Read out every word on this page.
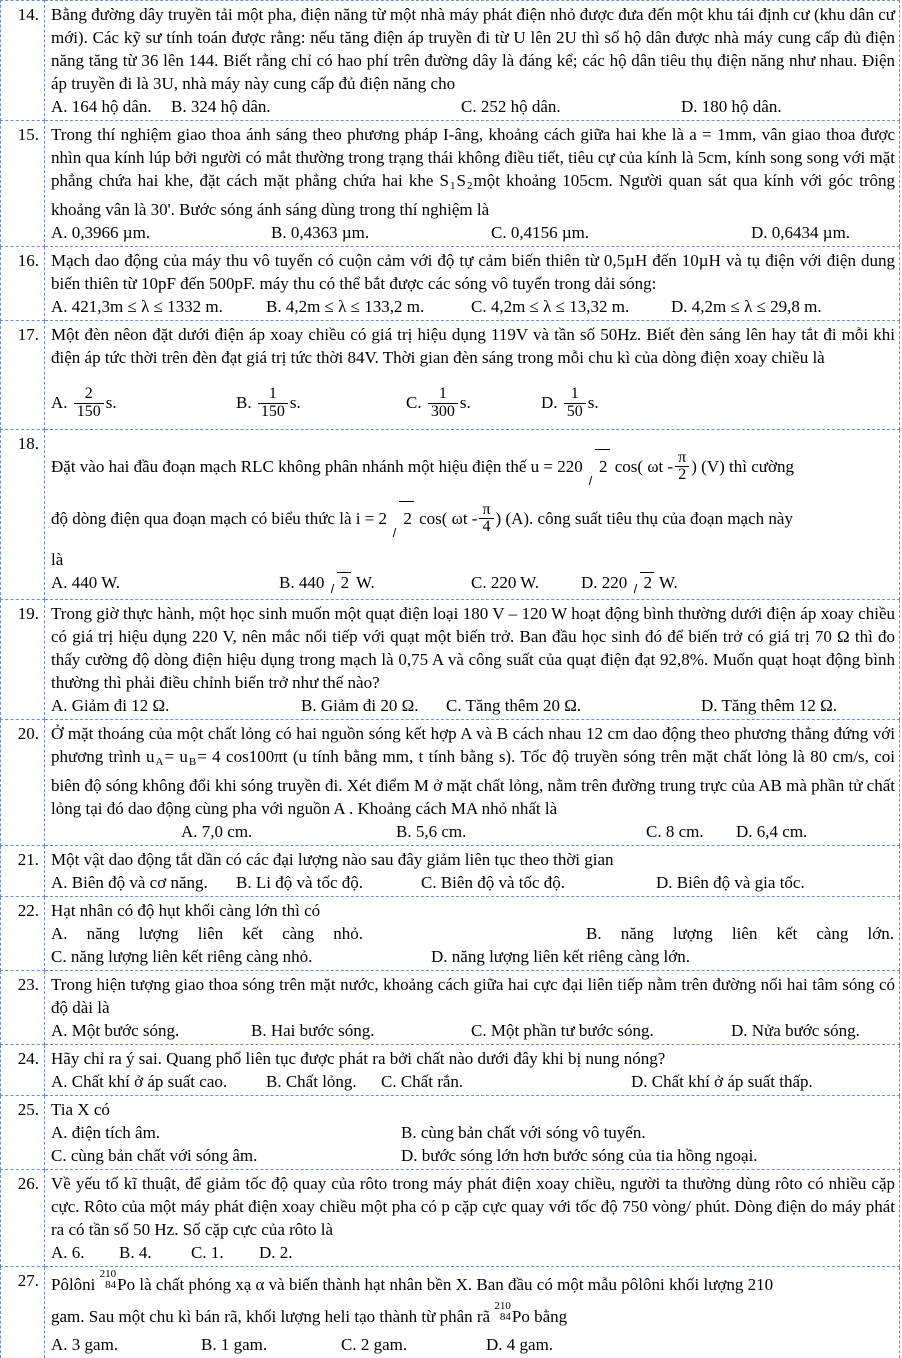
14.	Bằng đường dây truyền tải một pha, điện năng từ một nhà máy phát điện nhỏ được đưa đến một khu tái định cư (khu dân cư mới). Các kỹ sư tính toán được rằng: nếu tăng điện áp truyền đi từ U lên 2U thì số hộ dân được nhà máy cung cấp đủ điện năng tăng từ 36 lên 144. Biết rằng chỉ có hao phí trên đường dây là đáng kể; các hộ dân tiêu thụ điện năng như nhau. Điện áp truyền đi là 3U, nhà máy này cung cấp đủ điện năng cho
A. 164 hộ dân. B. 324 hộ dân. C. 252 hộ dân. D. 180 hộ dân.

15.	Trong thí nghiệm giao thoa ánh sáng theo phương pháp I-âng, khoảng cách giữa hai khe là a = 1mm, vân giao thoa được nhìn qua kính lúp bởi người có mắt thường trong trạng thái không điều tiết, tiêu cự của kính là 5cm, kính song song với mặt phẳng chứa hai khe, đặt cách mặt phẳng chứa hai khe $S_1S_2một$ khoảng 105cm. Người quan sát qua kính với góc trông khoảng vân là 30'. Bước sóng ánh sáng dùng trong thí nghiệm là
A. 0,3966 µm. B. 0,4363 µm. C. 0,4156 µm. D. 0,6434 µm.

16.	Mạch dao động của máy thu vô tuyến có cuộn cảm với độ tự cảm biến thiên từ 0,5µH đến 10µH và tụ điện với điện dung biến thiên từ 10pF đến 500pF. máy thu có thể bắt được các sóng vô tuyến trong dải sóng:
A. 421,3m ≤ λ ≤ 1332 m. B. 4,2m ≤ λ ≤ 133,2 m. C. 4,2m ≤ λ ≤ 13,32 m. D. 4,2m ≤ λ ≤ 29,8 m.

17.	Một đèn nêon đặt dưới điện áp xoay chiều có giá trị hiệu dụng 119V và tần số 50Hz. Biết đèn sáng lên hay tắt đi mỗi khi điện áp tức thời trên đèn đạt giá trị tức thời 84V. Thời gian đèn sáng trong mỗi chu kì của dòng điện xoay chiều là
A. $\frac{2}{150} s$.	B. $\frac{1}{150} s$.	C. $\frac{1}{300} s$.	D. $\frac{1}{50} s$.

18.	
Đặt vào hai đầu đoạn mạch RLC không phân nhánh một hiệu điện thế u = 220 2 cos( ωt - $\frac{\pi}{2}$ ) (V) thì cường
độ dòng điện qua đoạn mạch có biểu thức là i = 2 2 cos( ωt - $\frac{\pi}{4}$ ) (A). công suất tiêu thụ của đoạn mạch này
là
A. 440 W.	B. 440 2 W.	C. 220 W. D. 220 2 W.

19.	Trong giờ thực hành, một học sinh muốn một quạt điện loại 180 V – 120 W hoạt động bình thường dưới điện áp xoay chiều có giá trị hiệu dụng 220 V, nên mắc nối tiếp với quạt một biến trở. Ban đầu học sinh đó để biến trở có giá trị 70 Ω thì đo thấy cường độ dòng điện hiệu dụng trong mạch là 0,75 A và công suất của quạt điện đạt 92,8%. Muốn quạt hoạt động bình thường thì phải điều chỉnh biến trở như thế nào?
A. Giảm đi 12 Ω. B. Giảm đi 20 Ω. C. Tăng thêm 20 Ω. D. Tăng thêm 12 Ω.

20.	Ở mặt thoáng của một chất lỏng có hai nguồn sóng kết hợp A và B cách nhau 12 cm dao động theo phương thẳng đứng với phương trình $u_A= u_B= 4$ cos100πt (u tính bằng mm, t tính bằng s). Tốc độ truyền sóng trên mặt chất lỏng là 80 cm/s, coi biên độ sóng không đổi khi sóng truyền đi. Xét điểm M ở mặt chất lỏng, nằm trên đường trung trực của AB mà phần tử chất lỏng tại đó dao động cùng pha với nguồn A . Khoảng cách MA nhỏ nhất là
A. 7,0 cm. B. 5,6 cm. C. 8 cm. D. 6,4 cm.

21.	Một vật dao động tắt dần có các đại lượng nào sau đây giảm liên tục theo thời gian
A. Biên độ và cơ năng. B. Li độ và tốc độ. C. Biên độ và tốc độ. D. Biên độ và gia tốc.

22.	Hạt nhân có độ hụt khối càng lớn thì có
A. năng lượng liên kết càng nhỏ. B. năng lượng liên kết càng lớn.
C. năng lượng liên kết riêng càng nhỏ. D. năng lượng liên kết riêng càng lớn.

23.	Trong hiện tượng giao thoa sóng trên mặt nước, khoảng cách giữa hai cực đại liên tiếp nằm trên đường nối hai tâm sóng có độ dài là
A. Một bước sóng. B. Hai bước sóng. C. Một phần tư bước sóng. D. Nửa bước sóng.

24.	Hãy chỉ ra ý sai. Quang phổ liên tục được phát ra bởi chất nào dưới đây khi bị nung nóng?
A. Chất khí ở áp suất cao. B. Chất lỏng. C. Chất rắn. D. Chất khí ở áp suất thấp.

25.	Tia X có
A. điện tích âm. B. cùng bản chất với sóng vô tuyến.
C. cùng bản chất với sóng âm. D. bước sóng lớn hơn bước sóng của tia hồng ngoại.

26.	Về yếu tố kĩ thuật, để giảm tốc độ quay của rôto trong máy phát điện xoay chiều, người ta thường dùng rôto có nhiều cặp cực. Rôto của một máy phát điện xoay chiều một pha có p cặp cực quay với tốc độ 750 vòng/ phút. Dòng điện do máy phát ra có tần số 50 Hz. Số cặp cực của rôto là
A. 6. B. 4. C. 1. D. 2.

27.	Pôlôni
210
84 Po là chất phóng xạ α và biến thành hạt nhân bền X. Ban đầu có một mẫu pôlôni khối lượng 210
gam. Sau một chu kì bán rã, khối lượng heli tạo thành từ phân rã
210
84 Po bằng
A. 3 gam.	B. 1 gam.	C. 2 gam.	D. 4 gam.
